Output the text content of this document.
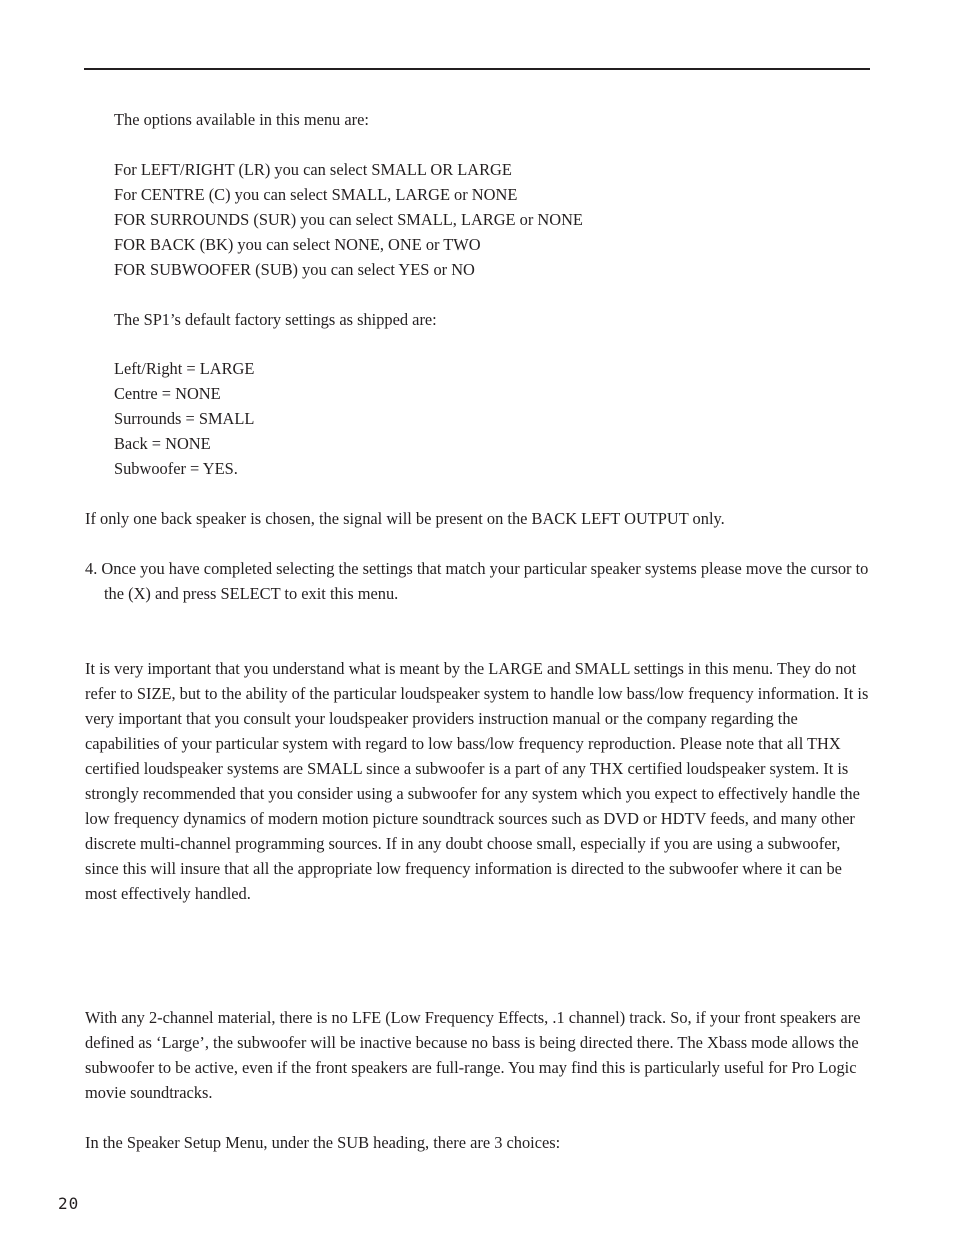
The options available in this menu are:
For LEFT/RIGHT (LR) you can select SMALL OR LARGE
For CENTRE (C) you can select SMALL, LARGE or NONE
FOR SURROUNDS (SUR) you can select SMALL, LARGE or NONE
FOR BACK (BK) you can select NONE, ONE or TWO
FOR SUBWOOFER (SUB) you can select YES or NO
The SP1’s default factory settings as shipped are:
Left/Right = LARGE
Centre = NONE
Surrounds = SMALL
Back = NONE
Subwoofer = YES.
If only one back speaker is chosen, the signal will be present on the BACK LEFT OUTPUT only.
4. Once you have completed selecting the settings that match your particular speaker systems please move the cursor to the (X) and press SELECT to exit this menu.
It is very important that you understand what is meant by the LARGE and SMALL settings in this menu. They do not refer to SIZE, but to the ability of the particular loudspeaker system to handle low bass/low frequency information. It is very important that you consult your loudspeaker providers instruction manual or the company regarding the capabilities of your particular system with regard to low bass/low frequency reproduction. Please note that all THX certified loudspeaker systems are SMALL since a subwoofer is a part of any THX certified loudspeaker system. It is strongly recommended that you consider using a subwoofer for any system which you expect to effectively handle the low frequency dynamics of modern motion picture soundtrack sources such as DVD or HDTV feeds, and many other discrete multi-channel programming sources. If in any doubt choose small, especially if you are using a subwoofer, since this will insure that all the appropriate low frequency information is directed to the subwoofer where it can be most effectively handled.
With any 2-channel material, there is no LFE (Low Frequency Effects, .1 channel) track. So, if your front speakers are defined as ‘Large’, the subwoofer will be inactive because no bass is being directed there. The Xbass mode allows the subwoofer to be active, even if the front speakers are full-range. You may find this is particularly useful for Pro Logic movie soundtracks.
In the Speaker Setup Menu, under the SUB heading, there are 3 choices:
20
